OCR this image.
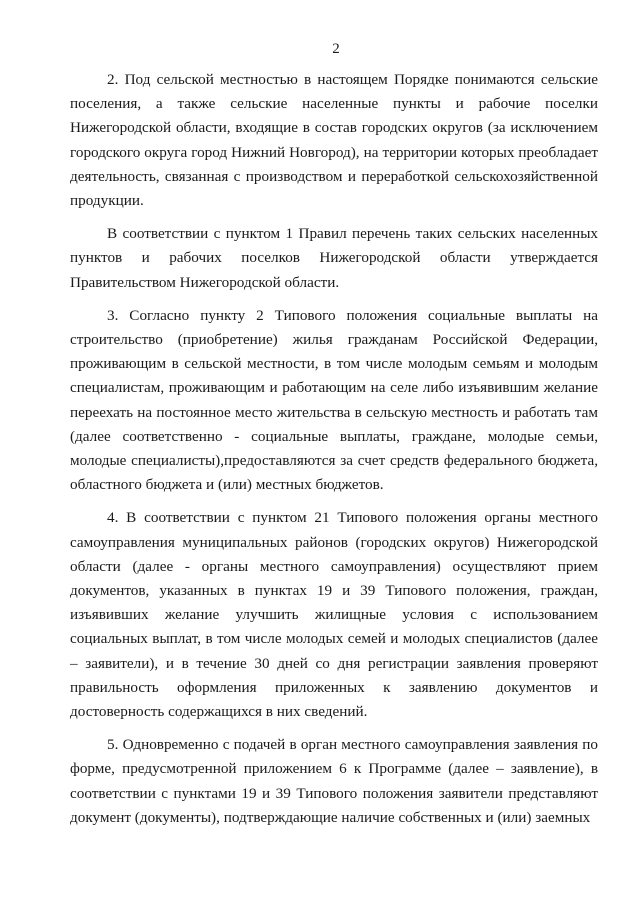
2

2. Под сельской местностью в настоящем Порядке понимаются сельские поселения, а также сельские населенные пункты и рабочие поселки Нижегородской области, входящие в состав городских округов (за исключением городского округа город Нижний Новгород), на территории которых преобладает деятельность, связанная с производством и переработкой сельскохозяйственной продукции.

В соответствии с пунктом 1 Правил перечень таких сельских населенных пунктов и рабочих поселков Нижегородской области утверждается Правительством Нижегородской области.

3. Согласно пункту 2 Типового положения социальные выплаты на строительство (приобретение) жилья гражданам Российской Федерации, проживающим в сельской местности, в том числе молодым семьям и молодым специалистам, проживающим и работающим на селе либо изъявившим желание переехать на постоянное место жительства в сельскую местность и работать там (далее соответственно - социальные выплаты, граждане, молодые семьи, молодые специалисты),предоставляются за счет средств федерального бюджета, областного бюджета и (или) местных бюджетов.

4. В соответствии с пунктом 21 Типового положения органы местного самоуправления муниципальных районов (городских округов) Нижегородской области (далее - органы местного самоуправления) осуществляют прием документов, указанных в пунктах 19 и 39 Типового положения, граждан, изъявивших желание улучшить жилищные условия с использованием социальных выплат, в том числе молодых семей и молодых специалистов (далее – заявители), и в течение 30 дней со дня регистрации заявления проверяют правильность оформления приложенных к заявлению документов и достоверность содержащихся в них сведений.

5. Одновременно с подачей в орган местного самоуправления заявления по форме, предусмотренной приложением 6 к Программе (далее – заявление), в соответствии с пунктами 19 и 39 Типового положения заявители представляют документ (документы), подтверждающие наличие собственных и (или) заемных
